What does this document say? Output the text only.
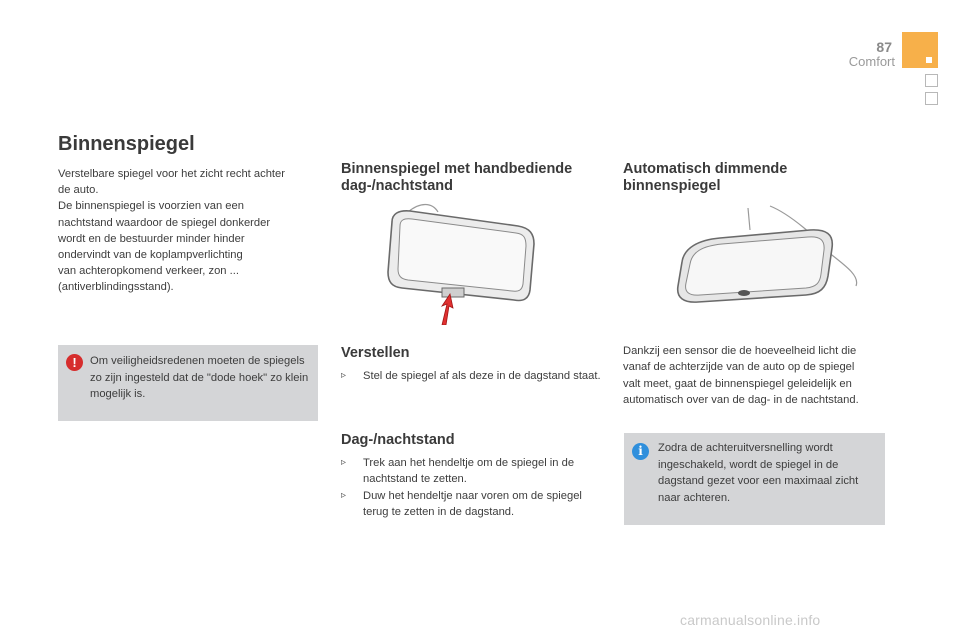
87
Comfort
Binnenspiegel
Verstelbare spiegel voor het zicht recht achter
de auto.
De binnenspiegel is voorzien van een
nachtstand waardoor de spiegel donkerder
wordt en de bestuurder minder hinder
ondervindt van de koplampverlichting
van achteropkomend verkeer, zon ...
(antiverblindingsstand).
!	Om veiligheidsredenen moeten de spiegels zo zijn ingesteld dat de "dode hoek" zo klein mogelijk is.
Binnenspiegel met handbediende dag-/nachtstand
Verstellen
▹	Stel de spiegel af als deze in de dagstand staat.
Dag-/nachtstand
▹	Trek aan het hendeltje om de spiegel in de nachtstand te zetten.
▹	Duw het hendeltje naar voren om de spiegel terug te zetten in de dagstand.
Automatisch dimmende binnenspiegel
Dankzij een sensor die de hoeveelheid licht die
vanaf de achterzijde van de auto op de spiegel
valt meet, gaat de binnenspiegel geleidelijk en
automatisch over van de dag- in de nachtstand.
i	Zodra de achteruitversnelling wordt ingeschakeld, wordt de spiegel in de dagstand gezet voor een maximaal zicht naar achteren.
carmanualsonline.info
